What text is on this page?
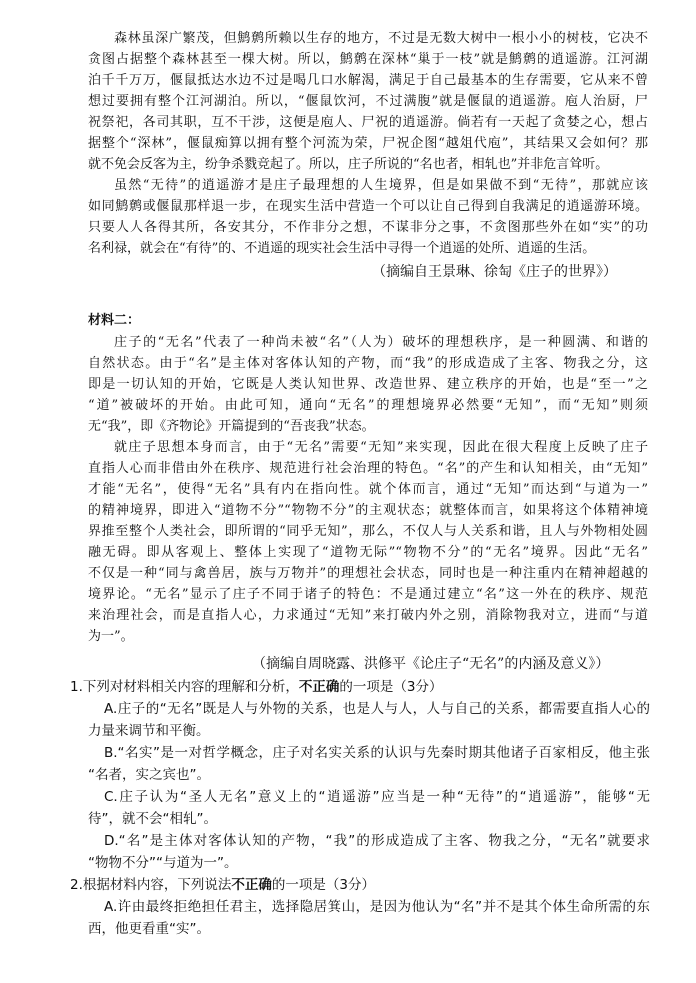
森林虽深广繁茂，但鹪鹩所赖以生存的地方，不过是无数大树中一根小小的树枝，它决不
贪图占据整个森林甚至一棵大树。所以，鹪鹩在深林“巢于一枝”就是鹪鹩的逍遥游。江河湖
泊千千万万，偃鼠抵达水边不过是喝几口水解渴，满足于自己最基本的生存需要，它从来不曾
想过要拥有整个江河湖泊。所以，“偃鼠饮河，不过满腹”就是偃鼠的逍遥游。庖人治厨，尸
祝祭祀，各司其职，互不干涉，这便是庖人、尸祝的逍遥游。倘若有一天起了贪婪之心，想占
据整个“深林”，偃鼠痴算以拥有整个河流为荣，尸祝企图“越俎代庖”，其结果又会如何？那
就不免会反客为主，纷争杀戮竞起了。所以，庄子所说的“名也者，相轧也”并非危言耸听。
虽然“无待”的逍遥游才是庄子最理想的人生境界，但是如果做不到“无待”，那就应该
如同鹪鹩或偃鼠那样退一步，在现实生活中营造一个可以让自己得到自我满足的逍遥游环境。
只要人人各得其所，各安其分，不作非分之想，不谋非分之事，不贪图那些外在如“实”的功
名利禄，就会在“有待”的、不逍遥的现实社会生活中寻得一个逍遥的处所、逍遥的生活。
（摘编自王景琳、徐匋《庄子的世界》）
材料二：
庄子的“无名”代表了一种尚未被“名”（人为）破坏的理想秩序，是一种圆满、和谐的
自然状态。由于“名”是主体对客体认知的产物，而“我”的形成造成了主客、物我之分，这
即是一切认知的开始，它既是人类认知世界、改造世界、建立秩序的开始，也是“至一”之
“道”被破坏的开始。由此可知，通向“无名”的理想境界必然要“无知”，而“无知”则须
无“我”，即《齐物论》开篇提到的“吾丧我”状态。
就庄子思想本身而言，由于“无名”需要“无知”来实现，因此在很大程度上反映了庄子
直指人心而非借由外在秩序、规范进行社会治理的特色。“名”的产生和认知相关，由“无知”
才能“无名”，使得“无名”具有内在指向性。就个体而言，通过“无知”而达到“与道为一”
的精神境界，即进入“道物不分”“物物不分”的主观状态；就整体而言，如果将这个体精神境
界推至整个人类社会，即所谓的“同乎无知”，那么，不仅人与人关系和谐，且人与外物相处圆
融无碍。即从客观上、整体上实现了“道物无际”“物物不分”的“无名”境界。因此“无名”
不仅是一种“同与禽兽居，族与万物并”的理想社会状态，同时也是一种注重内在精神超越的
境界论。“无名”显示了庄子不同于诸子的特色：不是通过建立“名”这一外在的秩序、规范
来治理社会，而是直指人心，力求通过“无知”来打破内外之别，消除物我对立，进而“与道
为一”。
（摘编自周晓露、洪修平《论庄子“无名”的内涵及意义》）
1.下列对材料相关内容的理解和分析，不正确的一项是（3分）
A.庄子的“无名”既是人与外物的关系，也是人与人，人与自己的关系，都需要直指人心的
力量来调节和平衡。
B.“名实”是一对哲学概念，庄子对名实关系的认识与先秦时期其他诸子百家相反，他主张
“名者，实之宾也”。
C.庄子认为“圣人无名”意义上的“逍遥游”应当是一种“无待”的“逍遥游”，能够“无
待”，就不会“相轧”。
D.“名”是主体对客体认知的产物，“我”的形成造成了主客、物我之分，“无名”就要求
“物物不分”“与道为一”。
2.根据材料内容，下列说法不正确的一项是（3分）
A.许由最终拒绝担任君主，选择隐居箕山，是因为他认为“名”并不是其个体生命所需的东
西，他更看重“实”。
